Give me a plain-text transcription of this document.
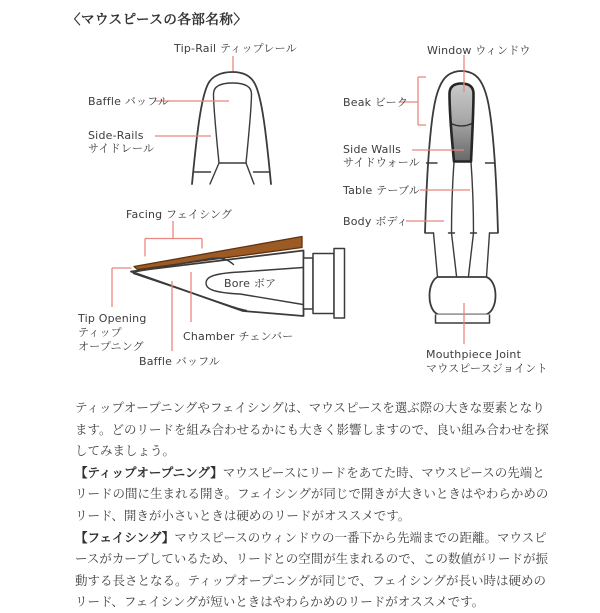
〈マウスピースの各部名称〉
Tip-Rail ティップレール
Baffle バッフル
Side-Rails
サイドレール
Facing フェイシング
Tip Opening
ティップ
オープニング
Chamber チェンバー
Baffle バッフル
Bore ボア
Window ウィンドウ
Beak ビーク
Side Walls
サイドウォール
Table テーブル
Body ボディ
Mouthpiece Joint
マウスピースジョイント

ティップオープニングやフェイシングは、マウスピースを選ぶ際の大きな要素となります。どのリードを組み合わせるかにも大きく影響しますので、良い組み合わせを探してみましょう。

【ティップオープニング】マウスピースにリードをあてた時、マウスピースの先端とリードの間に生まれる開き。フェイシングが同じで開きが大きいときはやわらかめのリード、開きが小さいときは硬めのリードがオススメです。

【フェイシング】マウスピースのウィンドウの一番下から先端までの距離。マウスピースがカーブしているため、リードとの空間が生まれるので、この数値がリードが振動する長さとなる。ティップオープニングが同じで、フェイシングが長い時は硬めのリード、フェイシングが短いときはやわらかめのリードがオススメです。
